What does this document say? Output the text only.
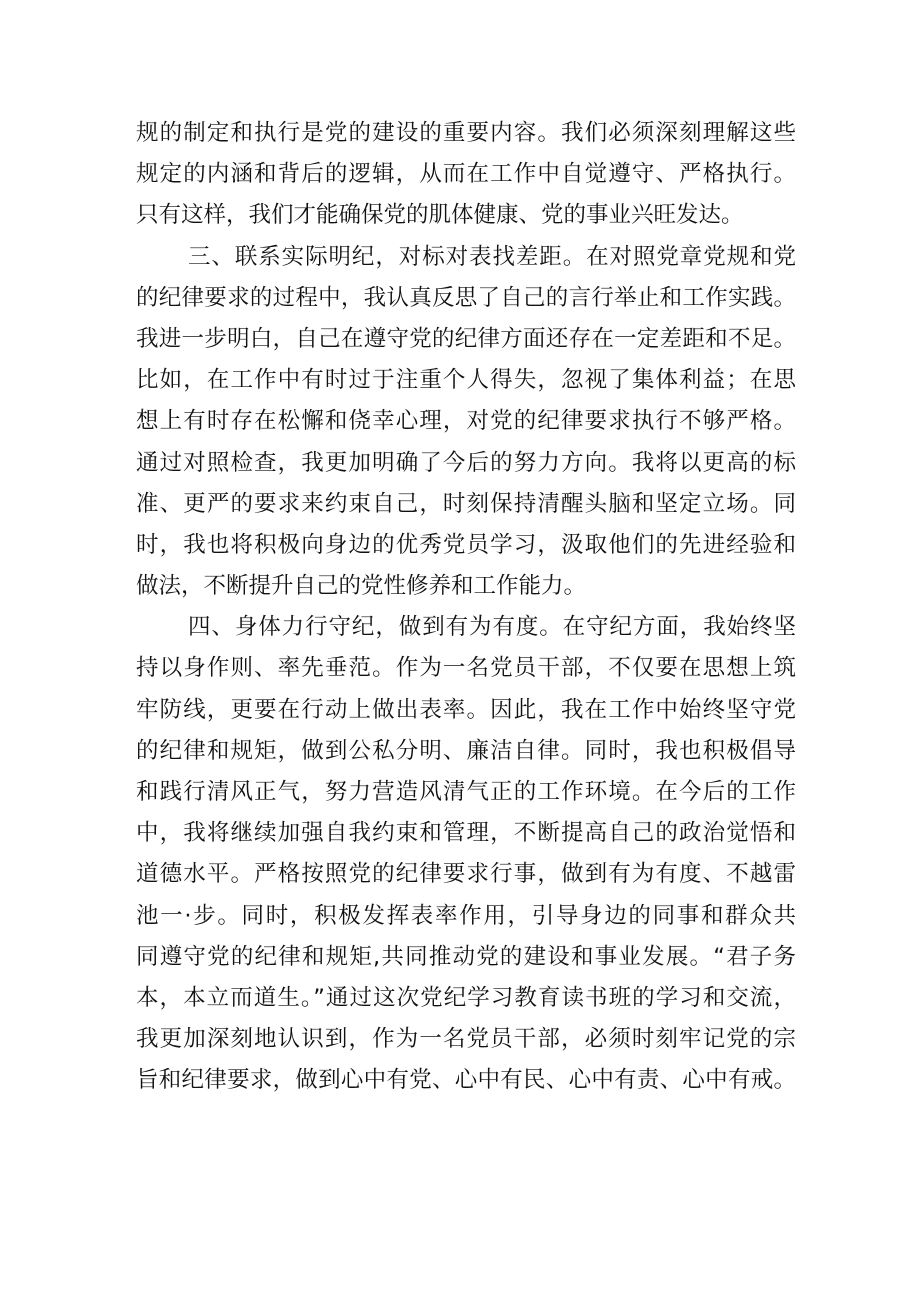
规的制定和执行是党的建设的重要内容。我们必须深刻理解这些
规定的内涵和背后的逻辑，从而在工作中自觉遵守、严格执行。
只有这样，我们才能确保党的肌体健康、党的事业兴旺发达。
三、联系实际明纪，对标对表找差距。在对照党章党规和党
的纪律要求的过程中，我认真反思了自己的言行举止和工作实践。
我进一步明白，自己在遵守党的纪律方面还存在一定差距和不足。
比如，在工作中有时过于注重个人得失，忽视了集体利益；在思
想上有时存在松懈和侥幸心理，对党的纪律要求执行不够严格。
通过对照检查，我更加明确了今后的努力方向。我将以更高的标
准、更严的要求来约束自己，时刻保持清醒头脑和坚定立场。同
时，我也将积极向身边的优秀党员学习，汲取他们的先进经验和
做法，不断提升自己的党性修养和工作能力。
四、身体力行守纪，做到有为有度。在守纪方面，我始终坚
持以身作则、率先垂范。作为一名党员干部，不仅要在思想上筑
牢防线，更要在行动上做出表率。因此，我在工作中始终坚守党
的纪律和规矩，做到公私分明、廉洁自律。同时，我也积极倡导
和践行清风正气，努力营造风清气正的工作环境。在今后的工作
中，我将继续加强自我约束和管理，不断提高自己的政治觉悟和
道德水平。严格按照党的纪律要求行事，做到有为有度、不越雷
池一·步。同时，积极发挥表率作用，引导身边的同事和群众共
同遵守党的纪律和规矩,共同推动党的建设和事业发展。“君子务
本，本立而道生。”通过这次党纪学习教育读书班的学习和交流，
我更加深刻地认识到，作为一名党员干部，必须时刻牢记党的宗
旨和纪律要求，做到心中有党、心中有民、心中有责、心中有戒。
